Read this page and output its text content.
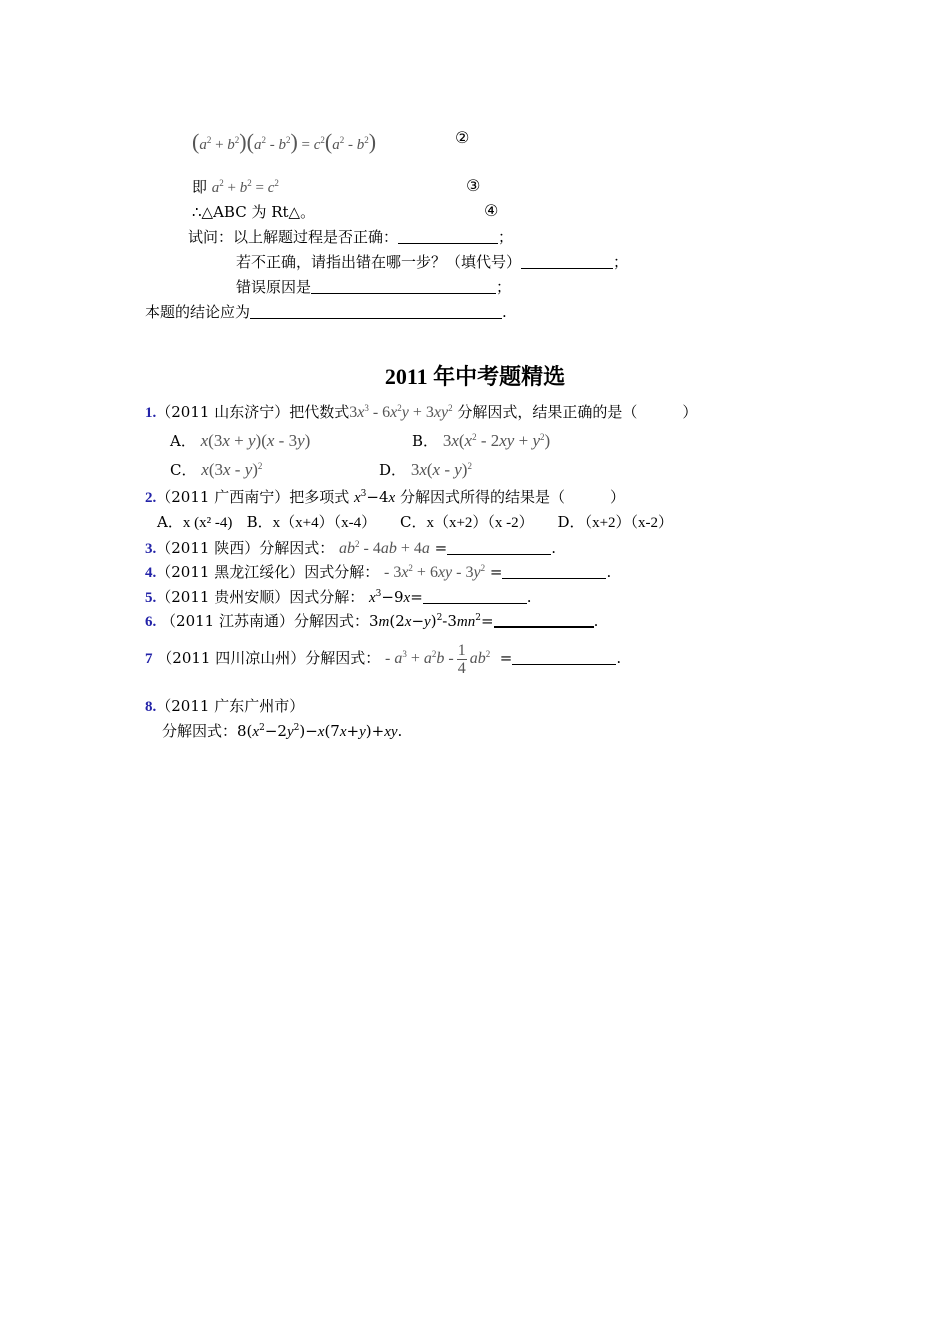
$(a^2 + b^2)(a^2 - b^2) = c^2(a^2 - b^2)$	②
即 $a^2 + b^2 = c^2$	③
∴△ABC 为 Rt△。	④
试问：以上解题过程是否正确：	；
若不正确，请指出错在哪一步？（填代号）	；
错误原因是	；
本题的结论应为	.
2011 年中考题精选
1.（2011 山东济宁）把代数式$3x^3 - 6x^2y + 3xy^2$ 分解因式，结果正确的是（　　　）
A． x(3x + y)(x - 3y)	B． $3x(x^2 - 2xy + y^2)$
C． x(3x - y)$^2$	D． 3x(x - y)$^2$
2.（2011 广西南宁）把多项式 $x^3-4x$ 分解因式所得的结果是（　　　）
A．x (x² -4) B．x（x+4）（x-4） C．x（x+2）（x -2） D．（x+2）（x-2）
3.（2011 陕西）分解因式： $ab^2 - 4ab + 4a$ =	.
4.（2011 黑龙江绥化）因式分解： - $3x^2 + 6xy - 3y^2$ =	.
5.（2011 贵州安顺）因式分解： $x^3-9x=$	.
6. （2011 江苏南通）分解因式：$3m(2x-y)^2-3mn^2=$	.
7 （2011 四川凉山州）分解因式： - $a^3 + a^2b - \frac{1}{4} ab^2$ =	.
8.（2011 广东广州市）
分解因式：$8(x^2-2y^2)-x(7x+y)+xy$.
